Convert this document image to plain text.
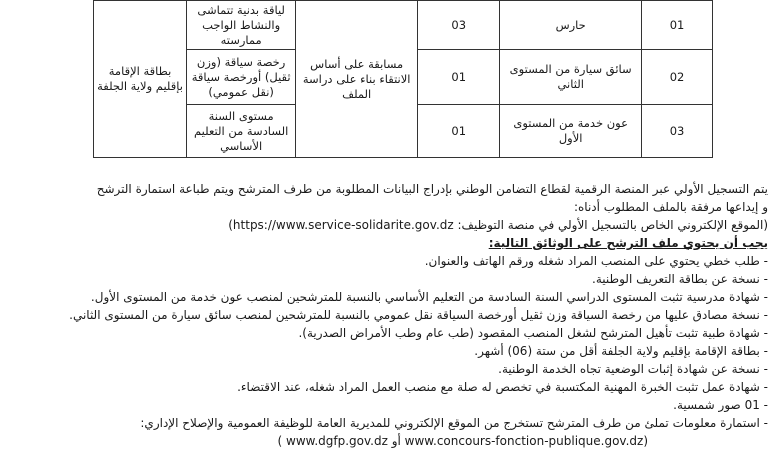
01	حارس	03	مسابقة على أساس الانتقاء بناء على دراسة الملف	لياقة بدنية تتماشى والنشاط الواجب ممارسته	بطاقة الإقامة بإقليم ولاية الجلفة
02	سائق سيارة من المستوى الثاني	01		رخصة سياقة (وزن ثقيل) أورخصة سياقة (نقل عمومي)	
03	عون خدمة من المستوى الأول	01		مستوى السنة السادسة من التعليم الأساسي	
يتم التسجيل الأولي عبر المنصة الرقمية لقطاع التضامن الوطني بإدراج البيانات المطلوبة من طرف المترشح ويتم طباعة استمارة الترشح
و إيداعها مرفقة بالملف المطلوب أدناه:
(الموقع الإلكتروني الخاص بالتسجيل الأولي في منصة التوظيف: https://www.service-solidarite.gov.dz)
يجب أن يحتوي ملف الترشح على الوثائق التالية:
- طلب خطي يحتوي على المنصب المراد شغله ورقم الهاتف والعنوان.
- نسخة عن بطاقة التعريف الوطنية.
- شهادة مدرسية تثبت المستوى الدراسي السنة السادسة من التعليم الأساسي بالنسبة للمترشحين لمنصب عون خدمة من المستوى الأول.
- نسخة مصادق عليها من رخصة السياقة وزن ثقيل أورخصة السياقة نقل عمومي بالنسبة للمترشحين لمنصب سائق سيارة من المستوى الثاني.
- شهادة طبية تثبت تأهيل المترشح لشغل المنصب المقصود (طب عام وطب الأمراض الصدرية).
- بطاقة الإقامة بإقليم ولاية الجلفة أقل من ستة (06) أشهر.
- نسخة عن شهادة إثبات الوضعية تجاه الخدمة الوطنية.
- شهادة عمل تثبت الخبرة المهنية المكتسبة في تخصص له صلة مع منصب العمل المراد شغله، عند الاقتضاء.
- 01 صور شمسية.
- استمارة معلومات تملئ من طرف المترشح تستخرج من الموقع الإلكتروني للمديرية العامة للوظيفة العمومية والإصلاح الإداري:
(www.concours-fonction-publique.gov.dz أو www.dgfp.gov.dz )
